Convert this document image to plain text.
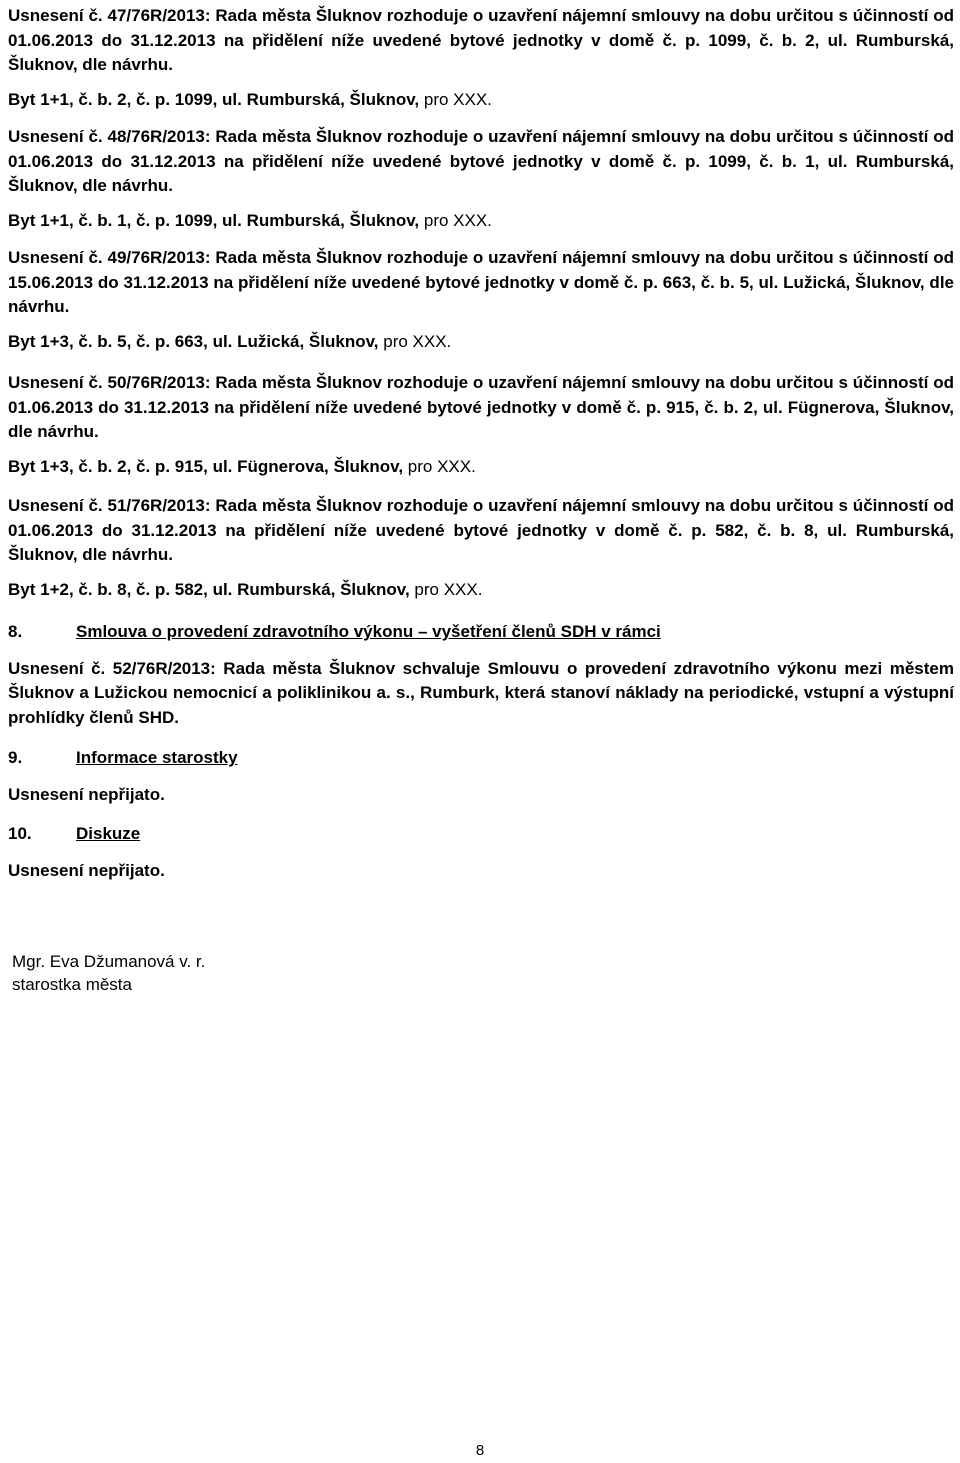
Usnesení č. 47/76R/2013: Rada města Šluknov rozhoduje o uzavření nájemní smlouvy na dobu určitou s účinností od 01.06.2013 do 31.12.2013 na přidělení níže uvedené bytové jednotky v domě č. p. 1099, č. b. 2, ul. Rumburská, Šluknov, dle návrhu.

Byt 1+1, č. b. 2, č. p. 1099, ul. Rumburská, Šluknov, pro XXX.

Usnesení č. 48/76R/2013: Rada města Šluknov rozhoduje o uzavření nájemní smlouvy na dobu určitou s účinností od 01.06.2013 do 31.12.2013 na přidělení níže uvedené bytové jednotky v domě č. p. 1099, č. b. 1, ul. Rumburská, Šluknov, dle návrhu.

Byt 1+1, č. b. 1, č. p. 1099, ul. Rumburská, Šluknov, pro XXX.

Usnesení č. 49/76R/2013: Rada města Šluknov rozhoduje o uzavření nájemní smlouvy na dobu určitou s účinností od 15.06.2013 do 31.12.2013 na přidělení níže uvedené bytové jednotky v domě č. p. 663, č. b. 5, ul. Lužická, Šluknov, dle návrhu.

Byt 1+3, č. b. 5, č. p. 663, ul. Lužická, Šluknov, pro XXX.

Usnesení č. 50/76R/2013: Rada města Šluknov rozhoduje o uzavření nájemní smlouvy na dobu určitou s účinností od 01.06.2013 do 31.12.2013 na přidělení níže uvedené bytové jednotky v domě č. p. 915, č. b. 2, ul. Fügnerova, Šluknov, dle návrhu.

Byt 1+3, č. b. 2, č. p. 915, ul. Fügnerova, Šluknov, pro XXX.

Usnesení č. 51/76R/2013: Rada města Šluknov rozhoduje o uzavření nájemní smlouvy na dobu určitou s účinností od 01.06.2013 do 31.12.2013 na přidělení níže uvedené bytové jednotky v domě č. p. 582, č. b. 8, ul. Rumburská, Šluknov, dle návrhu.

Byt 1+2, č. b. 8, č. p. 582, ul. Rumburská, Šluknov, pro XXX.

8.	Smlouva o provedení zdravotního výkonu – vyšetření členů SDH v rámci

Usnesení č. 52/76R/2013: Rada města Šluknov schvaluje Smlouvu o provedení zdravotního výkonu mezi městem Šluknov a Lužickou nemocnicí a poliklinikou a. s., Rumburk, která stanoví náklady na periodické, vstupní a výstupní prohlídky členů SHD.

9.	Informace starostky

Usnesení nepřijato.

10.	Diskuze

Usnesení nepřijato.

Mgr. Eva Džumanová v. r.

starostka města

8
